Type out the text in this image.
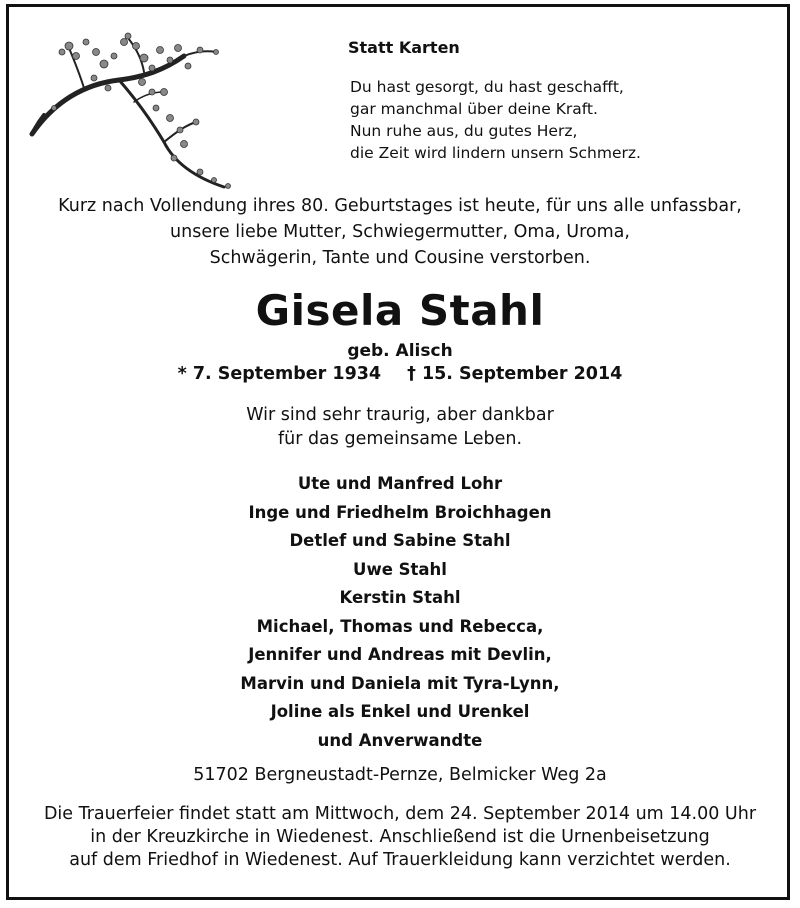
Statt Karten
Du hast gesorgt, du hast geschafft,
gar manchmal über deine Kraft.
Nun ruhe aus, du gutes Herz,
die Zeit wird lindern unsern Schmerz.
Kurz nach Vollendung ihres 80. Geburtstages ist heute, für uns alle unfassbar,
unsere liebe Mutter, Schwiegermutter, Oma, Uroma,
Schwägerin, Tante und Cousine verstorben.
Gisela Stahl
geb. Alisch
* 7. September 1934 † 15. September 2014
Wir sind sehr traurig, aber dankbar
für das gemeinsame Leben.
Ute und Manfred Lohr
Inge und Friedhelm Broichhagen
Detlef und Sabine Stahl
Uwe Stahl
Kerstin Stahl
Michael, Thomas und Rebecca,
Jennifer und Andreas mit Devlin,
Marvin und Daniela mit Tyra-Lynn,
Joline als Enkel und Urenkel
und Anverwandte
51702 Bergneustadt-Pernze, Belmicker Weg 2a
Die Trauerfeier findet statt am Mittwoch, dem 24. September 2014 um 14.00 Uhr
in der Kreuzkirche in Wiedenest. Anschließend ist die Urnenbeisetzung
auf dem Friedhof in Wiedenest. Auf Trauerkleidung kann verzichtet werden.
